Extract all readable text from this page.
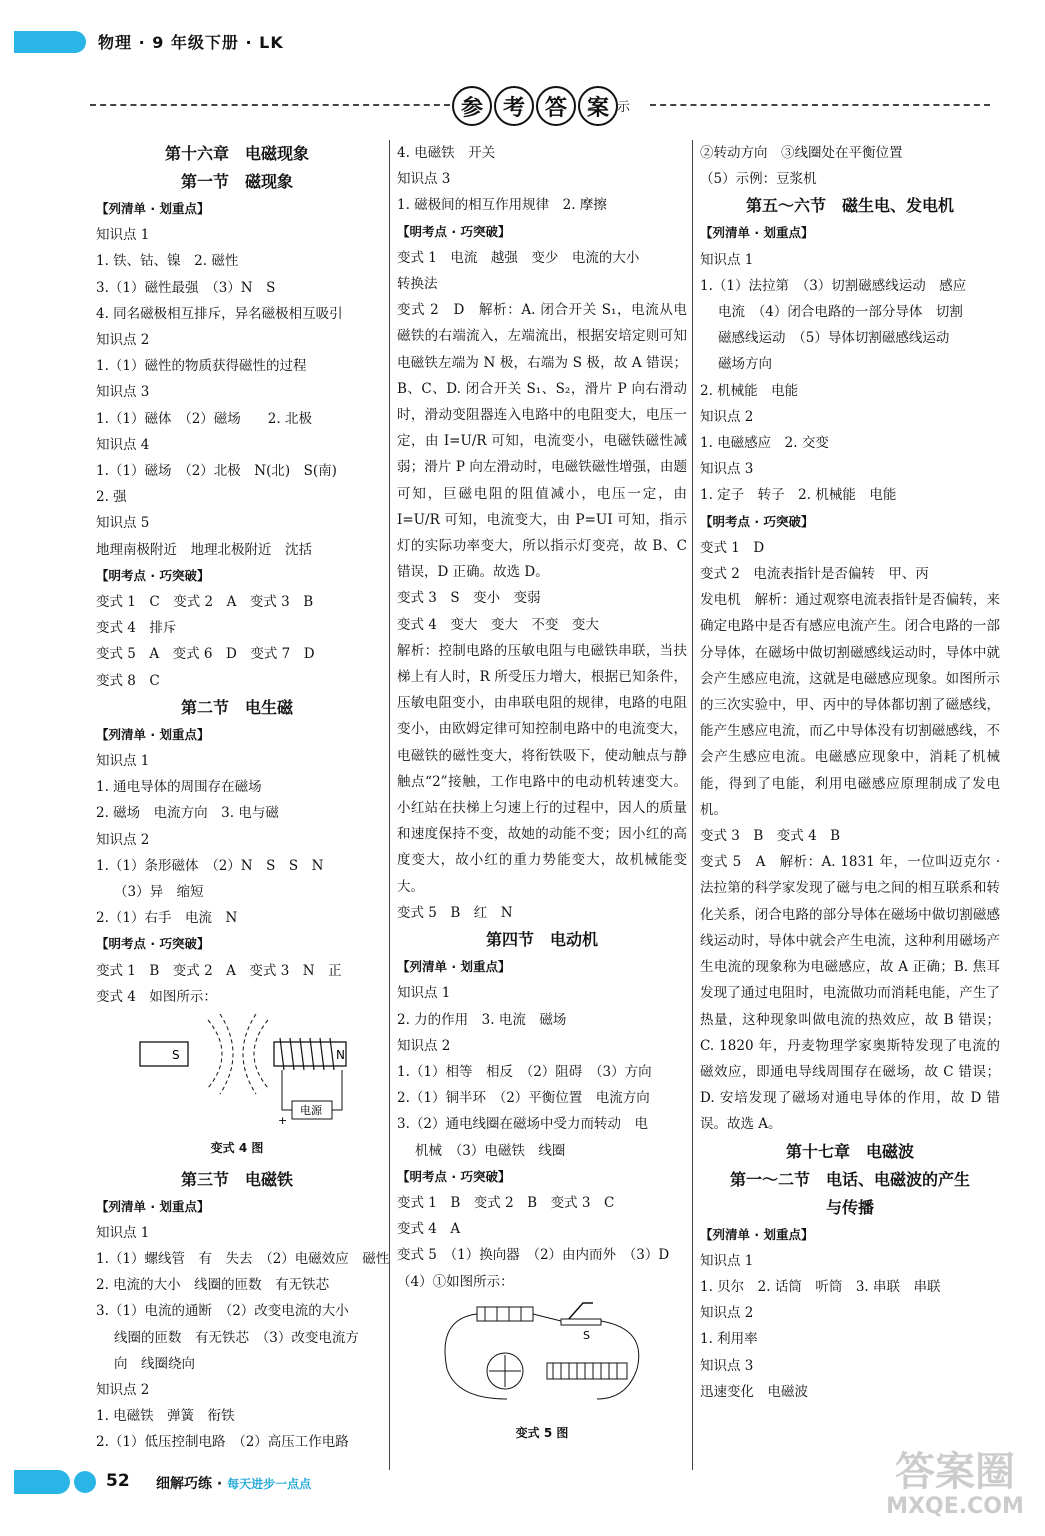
物理 · 9 年级下册 · LK
参 考 答 案 示
第十六章　电磁现象
第一节　磁现象
【列清单 · 划重点】
知识点 1
1. 铁、钴、镍　2. 磁性
3.（1）磁性最强　（3）N　S
4. 同名磁极相互排斥，异名磁极相互吸引
知识点 2
1.（1）磁性的物质获得磁性的过程
知识点 3
1.（1）磁体　（2）磁场　　2. 北极
知识点 4
1.（1）磁场　（2）北极　N(北)　S(南)
2. 强
知识点 5
地理南极附近　地理北极附近　沈括
【明考点 · 巧突破】
变式 1　C　变式 2　A　变式 3　B
变式 4　排斥
变式 5　A　变式 6　D　变式 7　D
变式 8　C
第二节　电生磁
【列清单 · 划重点】
知识点 1
1. 通电导体的周围存在磁场
2. 磁场　电流方向　3. 电与磁
知识点 2
1.（1）条形磁体　（2）N　S　S　N
（3）异　缩短
2.（1）右手　电流　N
【明考点 · 巧突破】
变式 1　B　变式 2　A　变式 3　N　正
变式 4　如图所示：
S	N
电源
+
变式 4 图
第三节　电磁铁
【列清单 · 划重点】
知识点 1
1.（1）螺线管　有　失去　（2）电磁效应　磁性
2. 电流的大小　线圈的匝数　有无铁芯
3.（1）电流的通断　（2）改变电流的大小
线圈的匝数　有无铁芯　（3）改变电流方
向　线圈绕向
知识点 2
1. 电磁铁　弹簧　衔铁
2.（1）低压控制电路　（2）高压工作电路
4. 电磁铁　开关
知识点 3
1. 磁极间的相互作用规律　2. 摩擦
【明考点 · 巧突破】
变式 1　电流　越强　变少　电流的大小
转换法
变式 2　D　解析：A. 闭合开关 S₁，电流从电磁铁的右端流入，左端流出，根据安培定则可知电磁铁左端为 N 极，右端为 S 极，故 A 错误；B、C、D. 闭合开关 S₁、S₂，滑片 P 向右滑动时，滑动变阻器连入电路中的电阻变大，电压一定，由 I=U/R 可知，电流变小，电磁铁磁性减弱；滑片 P 向左滑动时，电磁铁磁性增强，由题可知，巨磁电阻的阻值减小，电压一定，由 I=U/R 可知，电流变大，由 P=UI 可知，指示灯的实际功率变大，所以指示灯变亮，故 B、C 错误，D 正确。故选 D。
变式 3　S　变小　变弱
变式 4　变大　变大　不变　变大
解析：控制电路的压敏电阻与电磁铁串联，当扶梯上有人时，R 所受压力增大，根据已知条件，压敏电阻变小，由串联电阻的规律，电路的电阻变小，由欧姆定律可知控制电路中的电流变大，电磁铁的磁性变大，将衔铁吸下，使动触点与静触点“2”接触，工作电路中的电动机转速变大。小红站在扶梯上匀速上行的过程中，因人的质量和速度保持不变，故她的动能不变；因小红的高度变大，故小红的重力势能变大，故机械能变大。
变式 5　B　红　N
第四节　电动机
【列清单 · 划重点】
知识点 1
2. 力的作用　3. 电流　磁场
知识点 2
1.（1）相等　相反　（2）阻碍　（3）方向
2.（1）铜半环　（2）平衡位置　电流方向
3.（2）通电线圈在磁场中受力而转动　电
机械　（3）电磁铁　线圈
【明考点 · 巧突破】
变式 1　B　变式 2　B　变式 3　C
变式 4　A
变式 5　（1）换向器　（2）由内而外　（3）D
（4）①如图所示：
S
变式 5 图
②转动方向　③线圈处在平衡位置
（5）示例：豆浆机
第五～六节　磁生电、发电机
【列清单 · 划重点】
知识点 1
1.（1）法拉第　（3）切割磁感线运动　感应
电流　（4）闭合电路的一部分导体　切割
磁感线运动　（5）导体切割磁感线运动
磁场方向
2. 机械能　电能
知识点 2
1. 电磁感应　2. 交变
知识点 3
1. 定子　转子　2. 机械能　电能
【明考点 · 巧突破】
变式 1　D
变式 2　电流表指针是否偏转　甲、丙
发电机　解析：通过观察电流表指针是否偏转，来确定电路中是否有感应电流产生。闭合电路的一部分导体，在磁场中做切割磁感线运动时，导体中就会产生感应电流，这就是电磁感应现象。如图所示的三次实验中，甲、丙中的导体都切割了磁感线，能产生感应电流，而乙中导体没有切割磁感线，不会产生感应电流。电磁感应现象中，消耗了机械能，得到了电能，利用电磁感应原理制成了发电机。
变式 3　B　变式 4　B
变式 5　A　解析：A. 1831 年，一位叫迈克尔 · 法拉第的科学家发现了磁与电之间的相互联系和转化关系，闭合电路的部分导体在磁场中做切割磁感线运动时，导体中就会产生电流，这种利用磁场产生电流的现象称为电磁感应，故 A 正确；B. 焦耳发现了通过电阻时，电流做功而消耗电能，产生了热量，这种现象叫做电流的热效应，故 B 错误；C. 1820 年，丹麦物理学家奥斯特发现了电流的磁效应，即通电导线周围存在磁场，故 C 错误；D. 安培发现了磁场对通电导体的作用，故 D 错误。故选 A。
第十七章　电磁波
第一～二节　电话、电磁波的产生
与传播
【列清单 · 划重点】
知识点 1
1. 贝尔　2. 话筒　听筒　3. 串联　串联
知识点 2
1. 利用率
知识点 3
迅速变化　电磁波
52 细解巧练 · 每天进步一点点	答案圈
MXQE.COM
